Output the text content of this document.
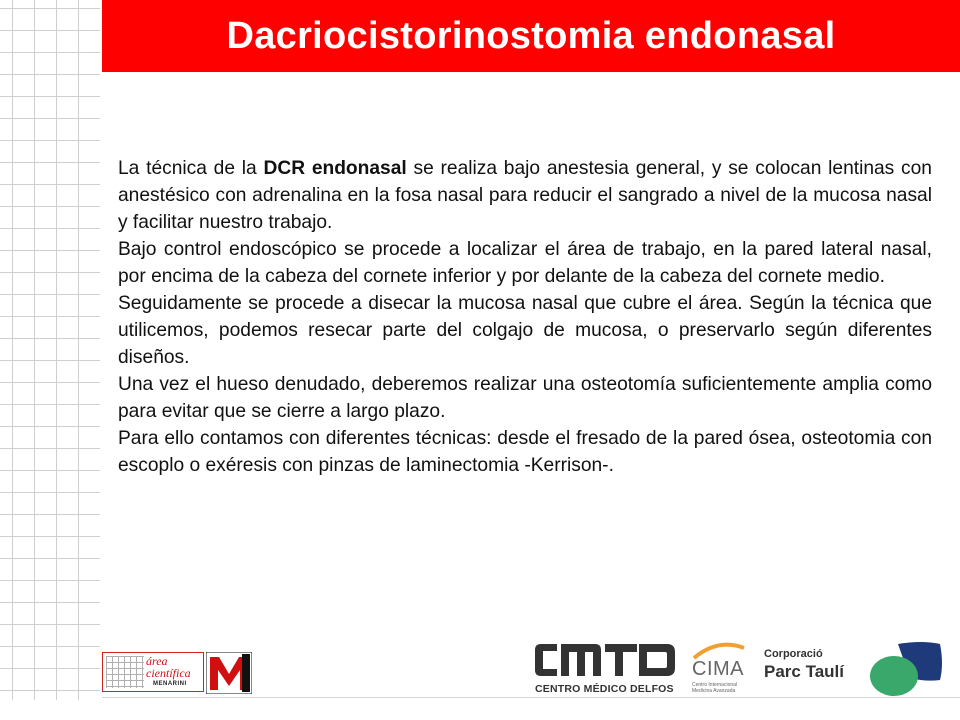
Dacriocistorinostomia endonasal

La técnica de la DCR endonasal se realiza bajo anestesia general, y se colocan lentinas con anestésico con adrenalina en la fosa nasal para reducir el sangrado a nivel de la mucosa nasal y facilitar nuestro trabajo.

Bajo control endoscópico se procede a localizar el área de trabajo, en la pared lateral nasal, por encima de la cabeza del cornete inferior y por delante de la cabeza del cornete medio.

Seguidamente se procede a disecar la mucosa nasal que cubre el área. Según la técnica que utilicemos, podemos resecar parte del colgajo de mucosa, o preservarlo según diferentes diseños.

Una vez el hueso denudado, deberemos realizar una osteotomía suficientemente amplia como para evitar que se cierre a largo plazo.

Para ello contamos con diferentes técnicas: desde el fresado de la pared ósea, osteotomia con escoplo o exéresis con pinzas de laminectomia -Kerrison-.

área
científica
MENARINI	CENTRO MÉDICO DELFOS
CIMA
Centro Internacional Medicina Avanzada
Corporació
Parc Taulí
